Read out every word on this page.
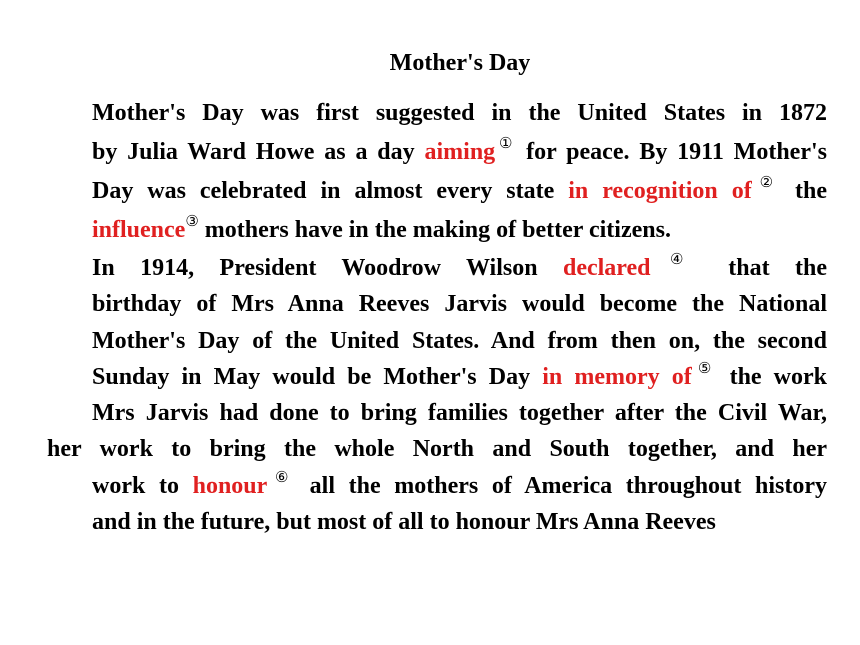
Mother's Day
Mother's Day was first suggested in the United States in 1872
by Julia Ward Howe as a day aiming① for peace. By 1911 Mother's
Day was celebrated in almost every state in recognition of② the
influence③ mothers have in the making of better citizens.
In 1914, President Woodrow Wilson declared④ that the
birthday of Mrs Anna Reeves Jarvis would become the National
Mother's Day of the United States. And from then on, the second
Sunday in May would be Mother's Day in memory of⑤ the work
Mrs Jarvis had done to bring families together after the Civil War,
her work to bring the whole North and South together, and her
work to honour⑥ all the mothers of America throughout history
and in the future, but most of all to honour Mrs Anna Reeves
